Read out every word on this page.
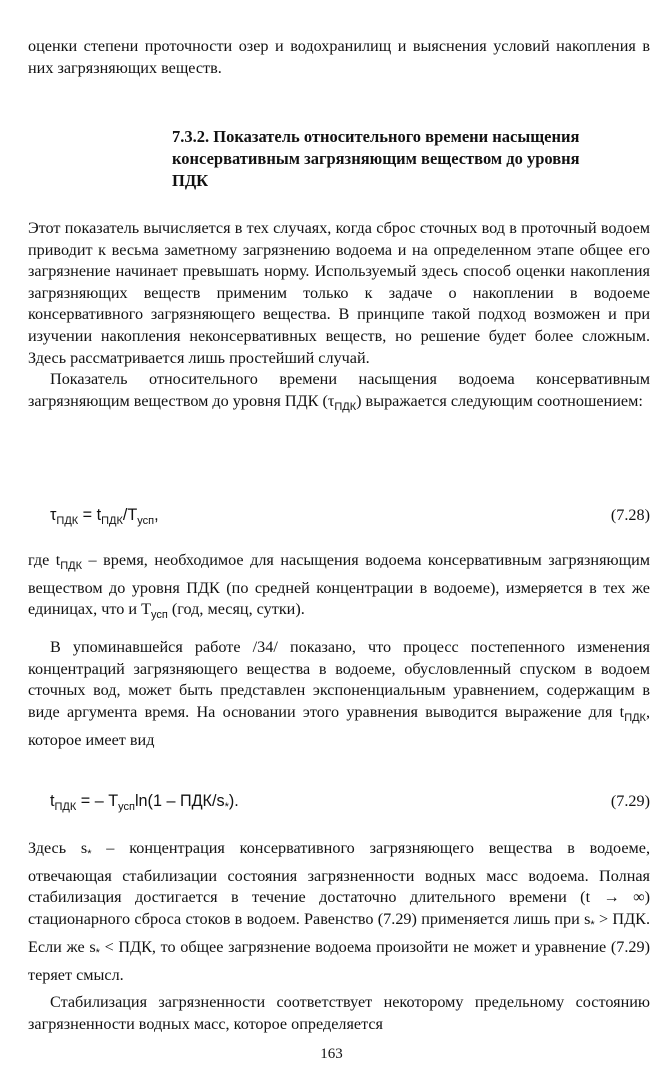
оценки степени проточности озер и водохранилищ и выяснения условий накопления в них загрязняющих веществ.

7.3.2. Показатель относительного времени насыщения консервативным загрязняющим веществом до уровня ПДК

Этот показатель вычисляется в тех случаях, когда сброс сточных вод в проточный водоем приводит к весьма заметному загрязнению водоема и на определенном этапе общее его загрязнение начинает превышать норму. Используемый здесь способ оценки накопления загрязняющих веществ применим только к задаче о накоплении в водоеме консервативного загрязняющего вещества. В принципе такой подход возможен и при изучении накопления неконсервативных веществ, но решение будет более сложным. Здесь рассматривается лишь простейший случай.

Показатель относительного времени насыщения водоема консервативным загрязняющим веществом до уровня ПДК $(\tau_{ПДК})$ выражается следующим соотношением:

$\tau_{ПДК} = t_{ПДК}/T_{усп}$,	(7.28)

где $t_{ПДК}$ – время, необходимое для насыщения водоема консервативным загрязняющим веществом до уровня ПДК (по средней концентрации в водоеме), измеряется в тех же единицах, что и $T_{усп}$ (год, месяц, сутки).

В упоминавшейся работе /34/ показано, что процесс постепенного изменения концентраций загрязняющего вещества в водоеме, обусловленный спуском в водоем сточных вод, может быть представлен экспоненциальным уравнением, содержащим в виде аргумента время. На основании этого уравнения выводится выражение для $t_{ПДК}$, которое имеет вид

$t_{ПДК}$ = – $T_{усп}\ln(1 - ПДК/s_*)$.	(7.29)

Здесь $s_*$ – концентрация консервативного загрязняющего вещества в водоеме, отвечающая стабилизации состояния загрязненности водных масс водоема. Полная стабилизация достигается в течение достаточно длительного времени (t → ∞) стационарного сброса стоков в водоем. Равенство (7.29) применяется лишь при $s_*$ > ПДК. Если же $s_*$ < ПДК, то общее загрязнение водоема произойти не может и уравнение (7.29) теряет смысл.

Стабилизация загрязненности соответствует некоторому предельному состоянию загрязненности водных масс, которое определяется

163
